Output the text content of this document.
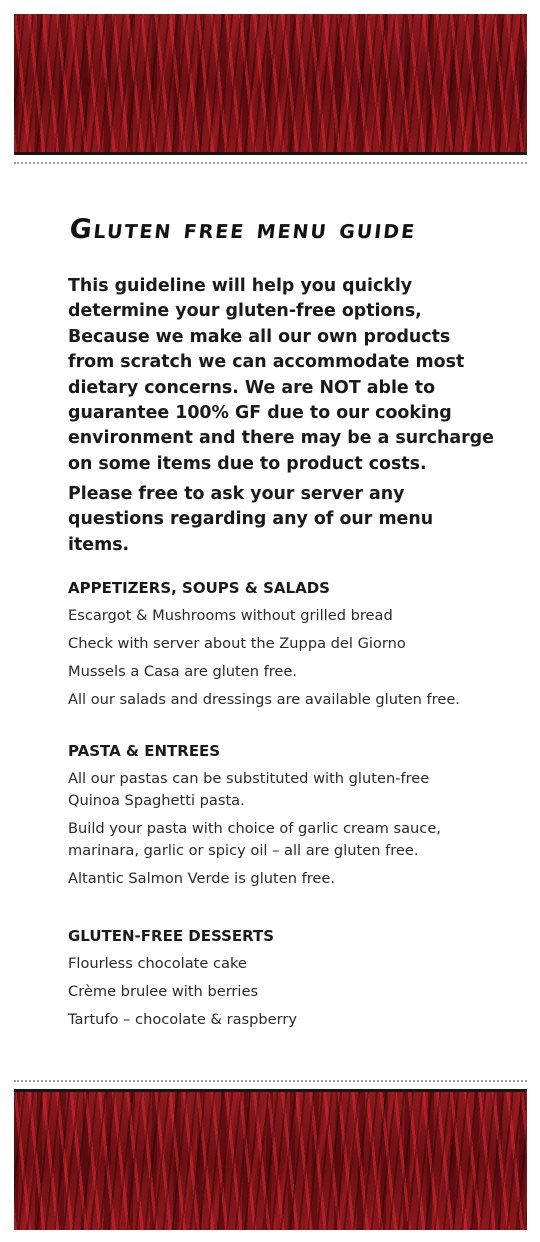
Gluten free menu guide

This guideline will help you quickly determine your gluten-free options, Because we make all our own products from scratch we can accommodate most dietary concerns. We are NOT able to guarantee 100% GF due to our cooking environment and there may be a surcharge on some items due to product costs.

Please free to ask your server any questions regarding any of our menu items.

APPETIZERS, SOUPS & SALADS
Escargot & Mushrooms without grilled bread
Check with server about the Zuppa del Giorno
Mussels a Casa are gluten free.
All our salads and dressings are available gluten free.
PASTA & ENTREES
All our pastas can be substituted with gluten-free
Quinoa Spaghetti pasta.
Build your pasta with choice of garlic cream sauce,
marinara, garlic or spicy oil – all are gluten free.
Altantic Salmon Verde is gluten free.
GLUTEN-FREE DESSERTS
Flourless chocolate cake
Crème brulee with berries
Tartufo – chocolate & raspberry
